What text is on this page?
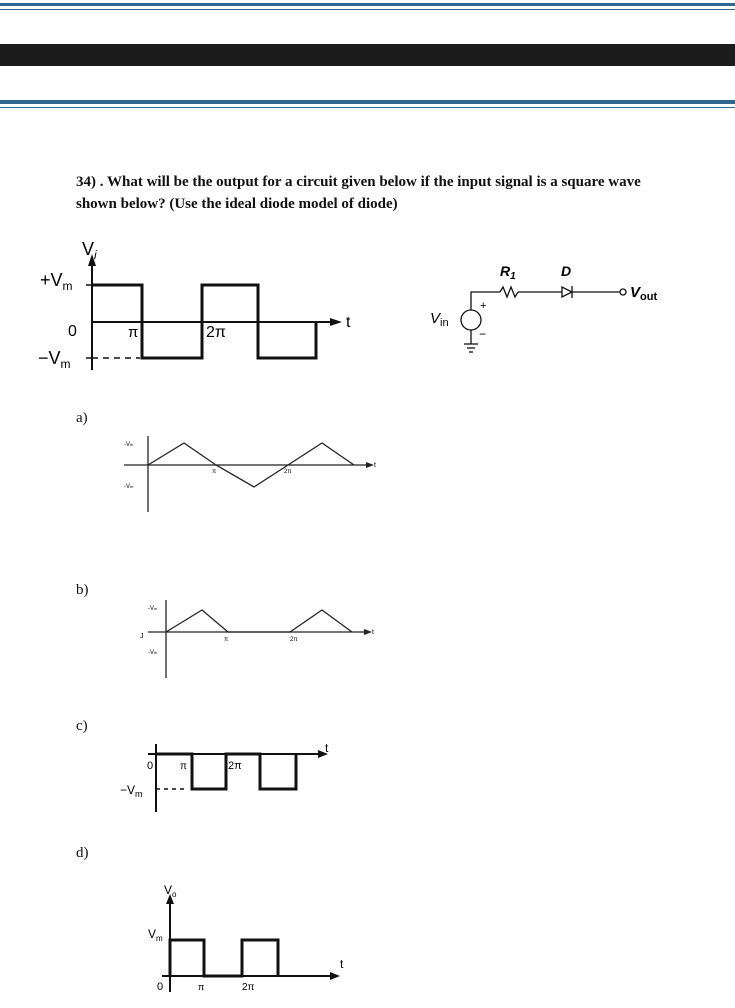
34) . What will be the output for a circuit given below if the input signal is a square wave shown below? (Use the ideal diode model of diode)
$V_i$
$+V_m$
0	π	2π
t
$-V_m$
$R_1$	D
$V_{out}$
$V_{in}$
+
−
a)
-Vm
-Vm
π	2π
t
b)
-Vm
-Vm
J	π	2π
t
c)
0
$-V_m$
π	2π
t
d)
$V_o$
$V_m$
0	π	2π
t
